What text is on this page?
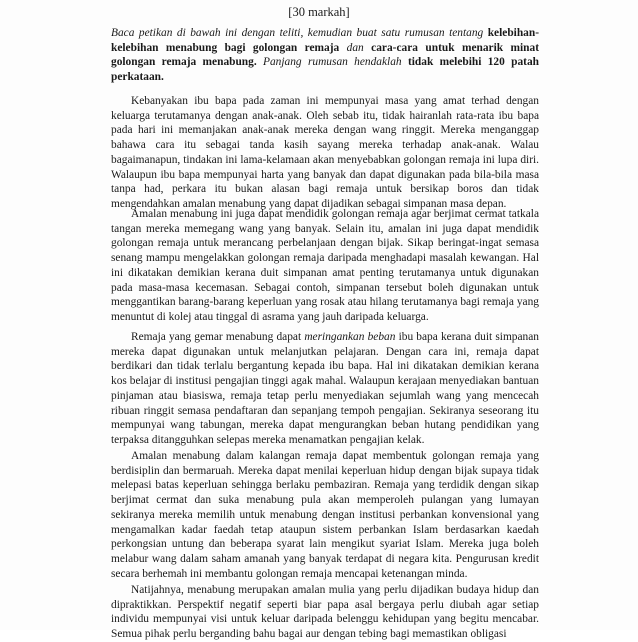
[30 markah]
Baca petikan di bawah ini dengan teliti, kemudian buat satu rumusan tentang kelebihan-kelebihan menabung bagi golongan remaja dan cara-cara untuk menarik minat golongan remaja menabung. Panjang rumusan hendaklah tidak melebihi 120 patah perkataan.

Kebanyakan ibu bapa pada zaman ini mempunyai masa yang amat terhad dengan keluarga terutamanya dengan anak-anak. Oleh sebab itu, tidak hairanlah rata-rata ibu bapa pada hari ini memanjakan anak-anak mereka dengan wang ringgit. Mereka menganggap bahawa cara itu sebagai tanda kasih sayang mereka terhadap anak-anak. Walau bagaimanapun, tindakan ini lama-kelamaan akan menyebabkan golongan remaja ini lupa diri. Walaupun ibu bapa mempunyai harta yang banyak dan dapat digunakan pada bila-bila masa tanpa had, perkara itu bukan alasan bagi remaja untuk bersikap boros dan tidak mengendahkan amalan menabung yang dapat dijadikan sebagai simpanan masa depan.

Amalan menabung ini juga dapat mendidik golongan remaja agar berjimat cermat tatkala tangan mereka memegang wang yang banyak. Selain itu, amalan ini juga dapat mendidik golongan remaja untuk merancang perbelanjaan dengan bijak. Sikap beringat-ingat semasa senang mampu mengelakkan golongan remaja daripada menghadapi masalah kewangan. Hal ini dikatakan demikian kerana duit simpanan amat penting terutamanya untuk digunakan pada masa-masa kecemasan. Sebagai contoh, simpanan tersebut boleh digunakan untuk menggantikan barang-barang keperluan yang rosak atau hilang terutamanya bagi remaja yang menuntut di kolej atau tinggal di asrama yang jauh daripada keluarga.

Remaja yang gemar menabung dapat meringankan beban ibu bapa kerana duit simpanan mereka dapat digunakan untuk melanjutkan pelajaran. Dengan cara ini, remaja dapat berdikari dan tidak terlalu bergantung kepada ibu bapa. Hal ini dikatakan demikian kerana kos belajar di institusi pengajian tinggi agak mahal. Walaupun kerajaan menyediakan bantuan pinjaman atau biasiswa, remaja tetap perlu menyediakan sejumlah wang yang mencecah ribuan ringgit semasa pendaftaran dan sepanjang tempoh pengajian. Sekiranya seseorang itu mempunyai wang tabungan, mereka dapat mengurangkan beban hutang pendidikan yang terpaksa ditangguhkan selepas mereka menamatkan pengajian kelak.

Amalan menabung dalam kalangan remaja dapat membentuk golongan remaja yang berdisiplin dan bermaruah. Mereka dapat menilai keperluan hidup dengan bijak supaya tidak melepasi batas keperluan sehingga berlaku pembaziran. Remaja yang terdidik dengan sikap berjimat cermat dan suka menabung pula akan memperoleh pulangan yang lumayan sekiranya mereka memilih untuk menabung dengan institusi perbankan konvensional yang mengamalkan kadar faedah tetap ataupun sistem perbankan Islam berdasarkan kaedah perkongsian untung dan beberapa syarat lain mengikut syariat Islam. Mereka juga boleh melabur wang dalam saham amanah yang banyak terdapat di negara kita. Pengurusan kredit secara berhemah ini membantu golongan remaja mencapai ketenangan minda.

Natijahnya, menabung merupakan amalan mulia yang perlu dijadikan budaya hidup dan dipraktikkan. Perspektif negatif seperti biar papa asal bergaya perlu diubah agar setiap individu mempunyai visi untuk keluar daripada belenggu kehidupan yang begitu mencabar. Semua pihak perlu berganding bahu bagai aur dengan tebing bagi memastikan obligasi
